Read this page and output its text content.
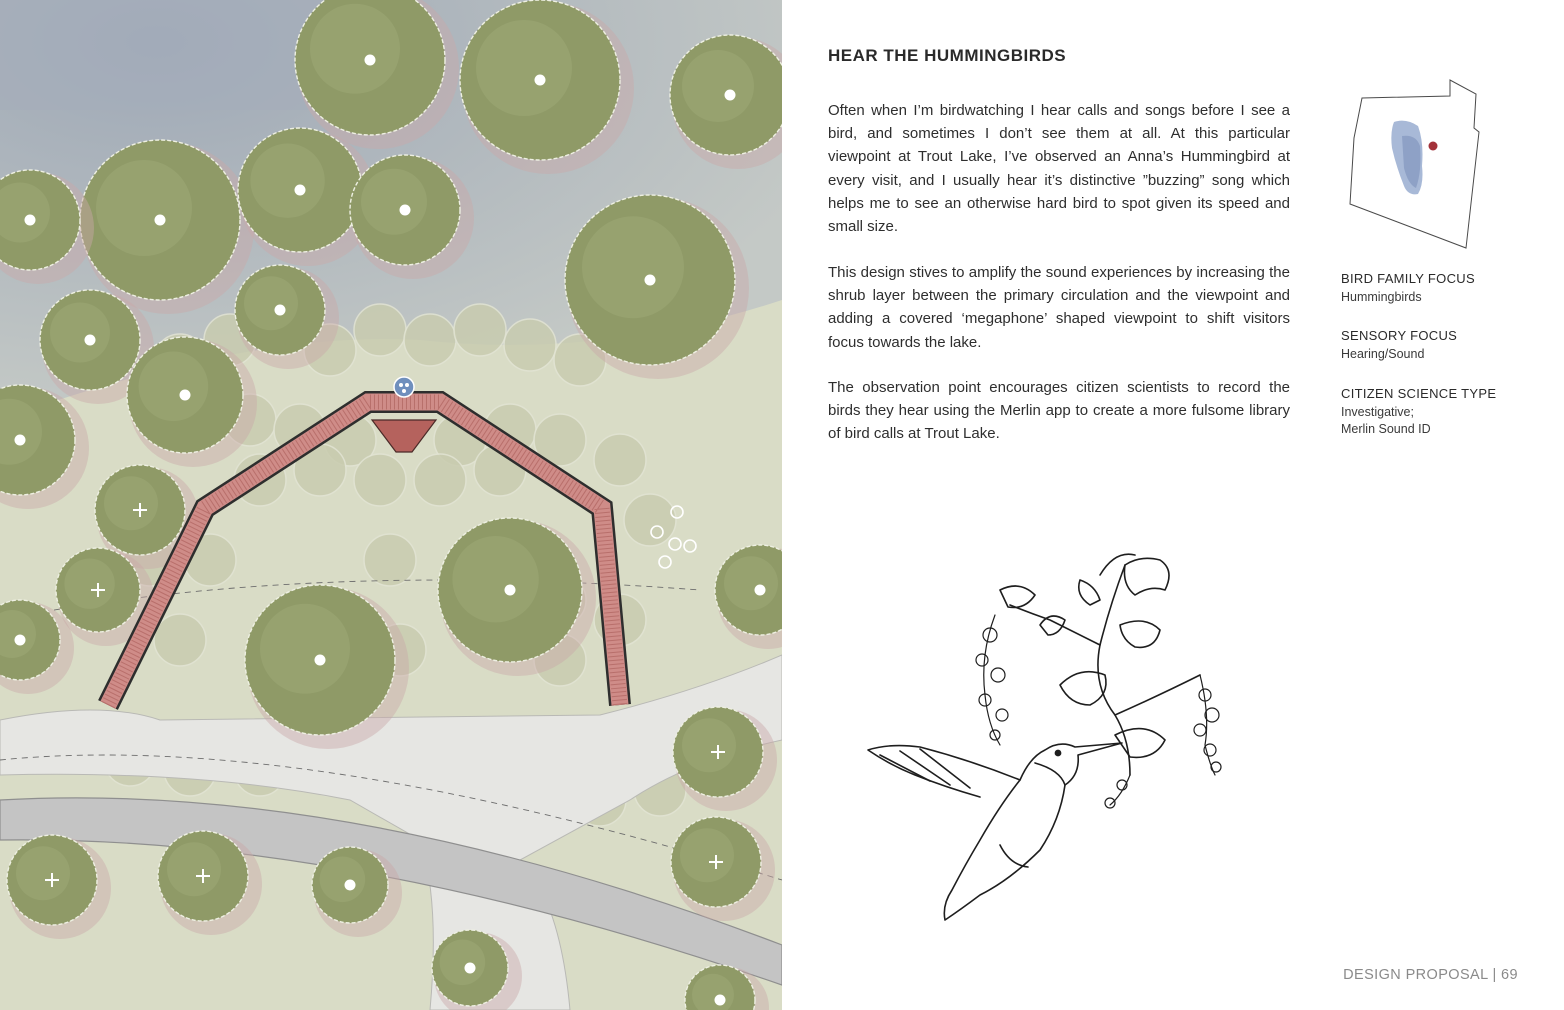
HEAR THE HUMMINGBIRDS

Often when I’m birdwatching I hear calls and songs before I see a bird, and sometimes I don’t see them at all. At this particular viewpoint at Trout Lake, I’ve observed an Anna’s Hummingbird at every visit, and I usually hear it’s distinctive ”buzzing” song which helps me to see an otherwise hard bird to spot given its speed and small size.

This design stives to amplify the sound experiences by increasing the shrub layer between the primary circulation and the viewpoint and adding a covered ‘megaphone’ shaped viewpoint to shift visitors focus towards the lake.

The observation point encourages citizen scientists to record the birds they hear using the Merlin app to create a more fulsome library of bird calls at Trout Lake.

BIRD FAMILY FOCUS
Hummingbirds
SENSORY FOCUS
Hearing/Sound
CITIZEN SCIENCE TYPE
Investigative;
Merlin Sound ID
DESIGN PROPOSAL | 69
